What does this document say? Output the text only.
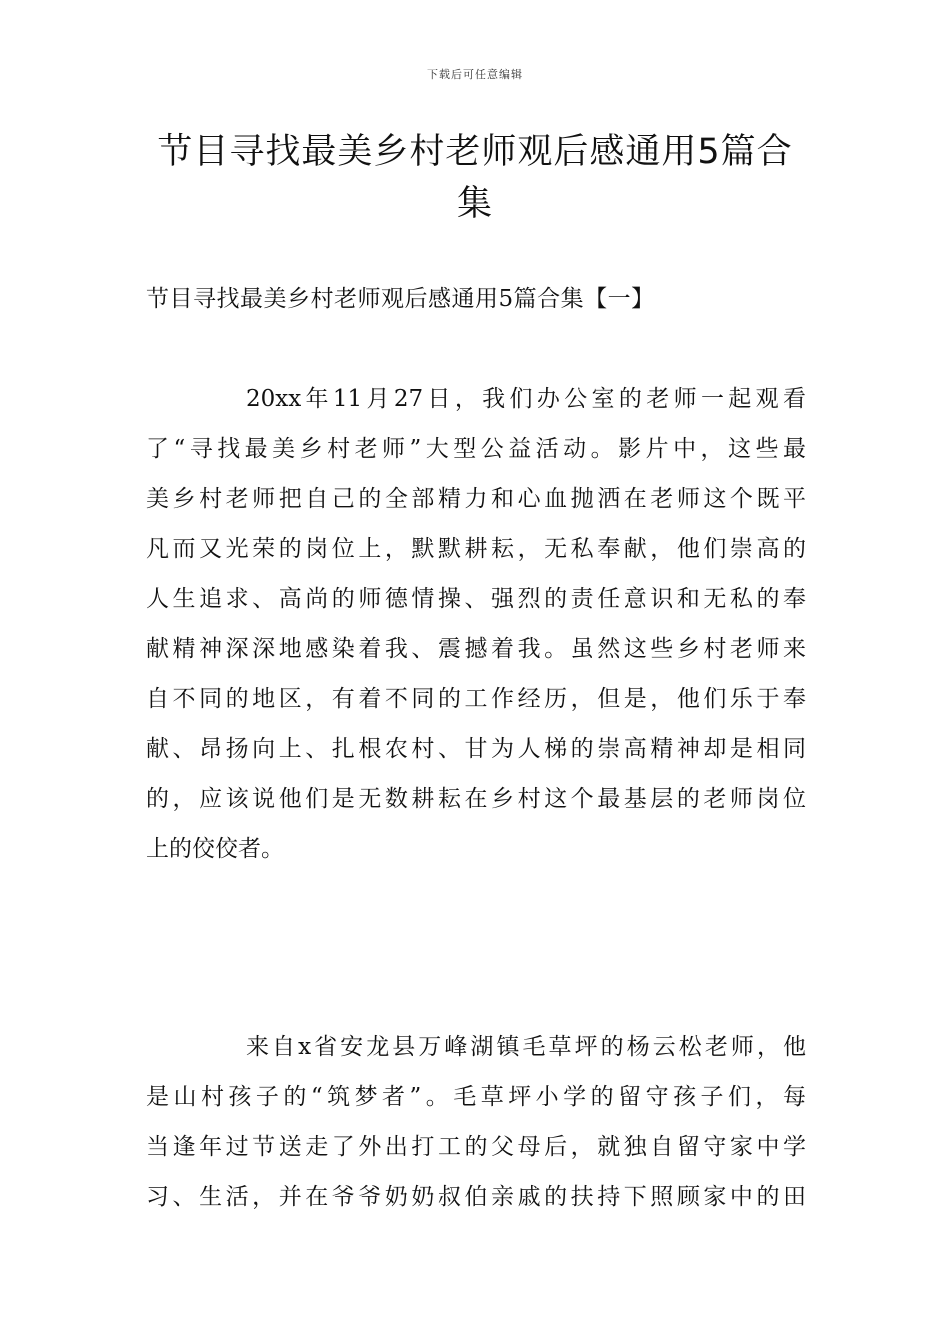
下载后可任意编辑
节目寻找最美乡村老师观后感通用5篇合
集
节目寻找最美乡村老师观后感通用5篇合集【一】
20xx年11月27日，我们办公室的老师一起观看
了“寻找最美乡村老师”大型公益活动。影片中，这些最
美乡村老师把自己的全部精力和心血抛洒在老师这个既平
凡而又光荣的岗位上，默默耕耘，无私奉献，他们崇高的
人生追求、高尚的师德情操、强烈的责任意识和无私的奉
献精神深深地感染着我、震撼着我。虽然这些乡村老师来
自不同的地区，有着不同的工作经历，但是，他们乐于奉
献、昂扬向上、扎根农村、甘为人梯的崇高精神却是相同
的，应该说他们是无数耕耘在乡村这个最基层的老师岗位
上的佼佼者。
来自x省安龙县万峰湖镇毛草坪的杨云松老师，他
是山村孩子的“筑梦者”。毛草坪小学的留守孩子们，每
当逢年过节送走了外出打工的父母后，就独自留守家中学
习、生活，并在爷爷奶奶叔伯亲戚的扶持下照顾家中的田
